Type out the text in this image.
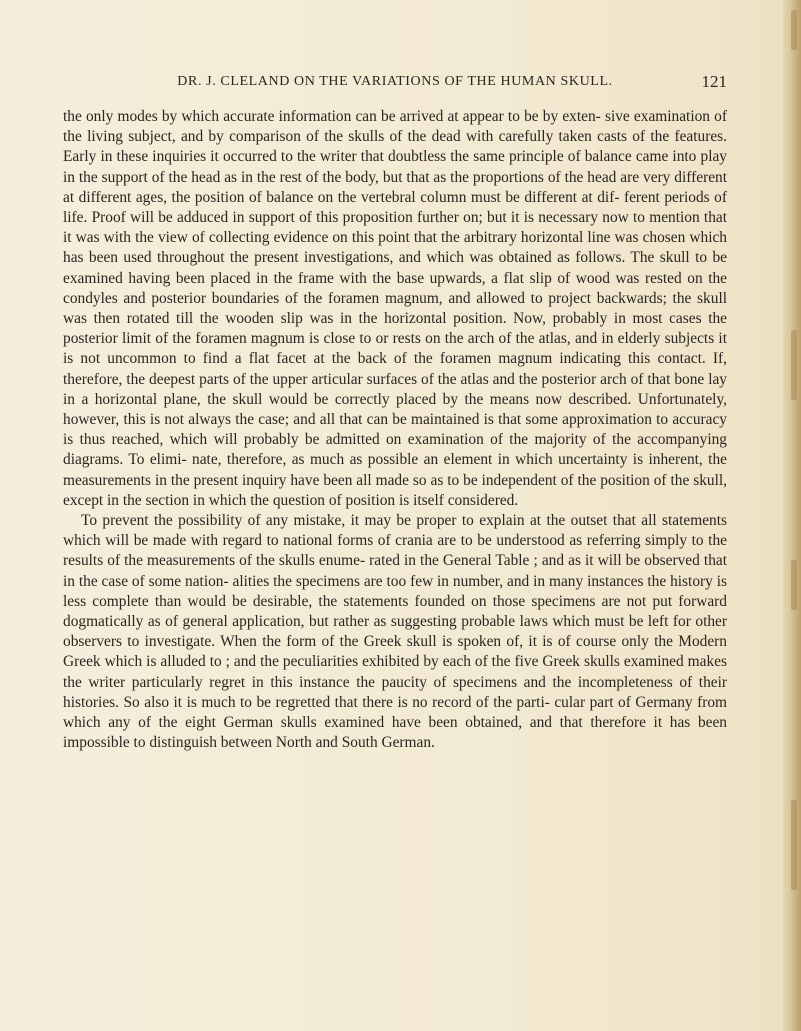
DR. J. CLELAND ON THE VARIATIONS OF THE HUMAN SKULL.	121

the only modes by which accurate information can be arrived at appear to be by exten- sive examination of the living subject, and by comparison of the skulls of the dead with carefully taken casts of the features. Early in these inquiries it occurred to the writer that doubtless the same principle of balance came into play in the support of the head as in the rest of the body, but that as the proportions of the head are very different at different ages, the position of balance on the vertebral column must be different at dif- ferent periods of life. Proof will be adduced in support of this proposition further on; but it is necessary now to mention that it was with the view of collecting evidence on this point that the arbitrary horizontal line was chosen which has been used throughout the present investigations, and which was obtained as follows. The skull to be examined having been placed in the frame with the base upwards, a flat slip of wood was rested on the condyles and posterior boundaries of the foramen magnum, and allowed to project backwards; the skull was then rotated till the wooden slip was in the horizontal position. Now, probably in most cases the posterior limit of the foramen magnum is close to or rests on the arch of the atlas, and in elderly subjects it is not uncommon to find a flat facet at the back of the foramen magnum indicating this contact. If, therefore, the deepest parts of the upper articular surfaces of the atlas and the posterior arch of that bone lay in a horizontal plane, the skull would be correctly placed by the means now described. Unfortunately, however, this is not always the case; and all that can be maintained is that some approximation to accuracy is thus reached, which will probably be admitted on examination of the majority of the accompanying diagrams. To elimi- nate, therefore, as much as possible an element in which uncertainty is inherent, the measurements in the present inquiry have been all made so as to be independent of the position of the skull, except in the section in which the question of position is itself considered.

To prevent the possibility of any mistake, it may be proper to explain at the outset that all statements which will be made with regard to national forms of crania are to be understood as referring simply to the results of the measurements of the skulls enume- rated in the General Table ; and as it will be observed that in the case of some nation- alities the specimens are too few in number, and in many instances the history is less complete than would be desirable, the statements founded on those specimens are not put forward dogmatically as of general application, but rather as suggesting probable laws which must be left for other observers to investigate. When the form of the Greek skull is spoken of, it is of course only the Modern Greek which is alluded to ; and the peculiarities exhibited by each of the five Greek skulls examined makes the writer particularly regret in this instance the paucity of specimens and the incompleteness of their histories. So also it is much to be regretted that there is no record of the parti- cular part of Germany from which any of the eight German skulls examined have been obtained, and that therefore it has been impossible to distinguish between North and South German.
